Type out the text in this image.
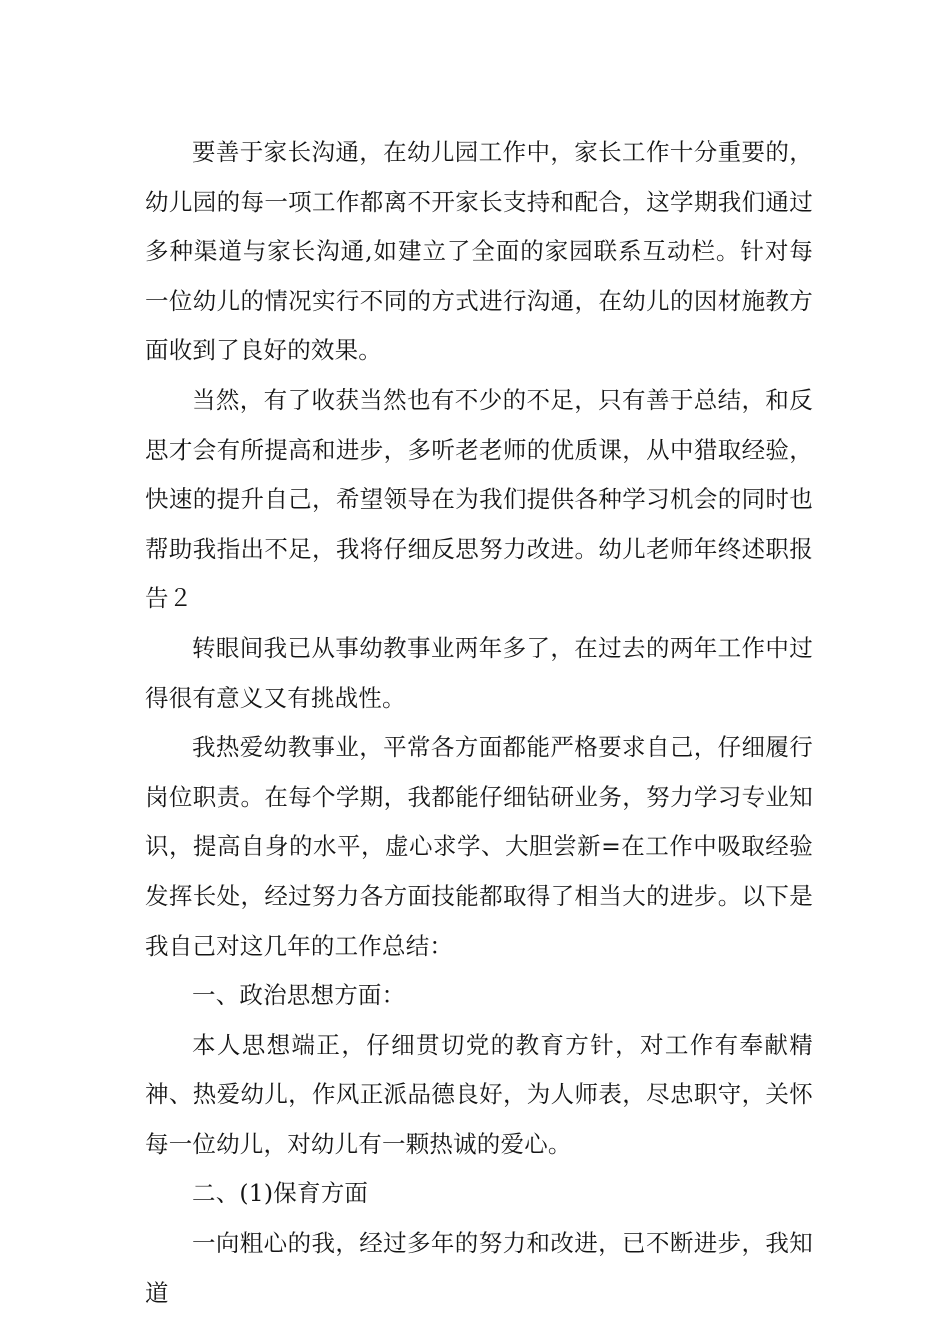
要善于家长沟通，在幼儿园工作中，家长工作十分重要的，幼儿园的每一项工作都离不开家长支持和配合，这学期我们通过多种渠道与家长沟通,如建立了全面的家园联系互动栏。针对每一位幼儿的情况实行不同的方式进行沟通，在幼儿的因材施教方面收到了良好的效果。

当然，有了收获当然也有不少的不足，只有善于总结，和反思才会有所提高和进步，多听老老师的优质课，从中猎取经验，快速的提升自己，希望领导在为我们提供各种学习机会的同时也帮助我指出不足，我将仔细反思努力改进。幼儿老师年终述职报告２

转眼间我已从事幼教事业两年多了，在过去的两年工作中过得很有意义又有挑战性。

我热爱幼教事业，平常各方面都能严格要求自己，仔细履行岗位职责。在每个学期，我都能仔细钻研业务，努力学习专业知识，提高自身的水平，虚心求学、大胆尝新=在工作中吸取经验发挥长处，经过努力各方面技能都取得了相当大的进步。以下是我自己对这几年的工作总结：

一、政治思想方面：

本人思想端正，仔细贯切党的教育方针，对工作有奉献精神、热爱幼儿，作风正派品德良好，为人师表，尽忠职守，关怀每一位幼儿，对幼儿有一颗热诚的爱心。

二、(1)保育方面

一向粗心的我，经过多年的努力和改进，已不断进步，我知道
